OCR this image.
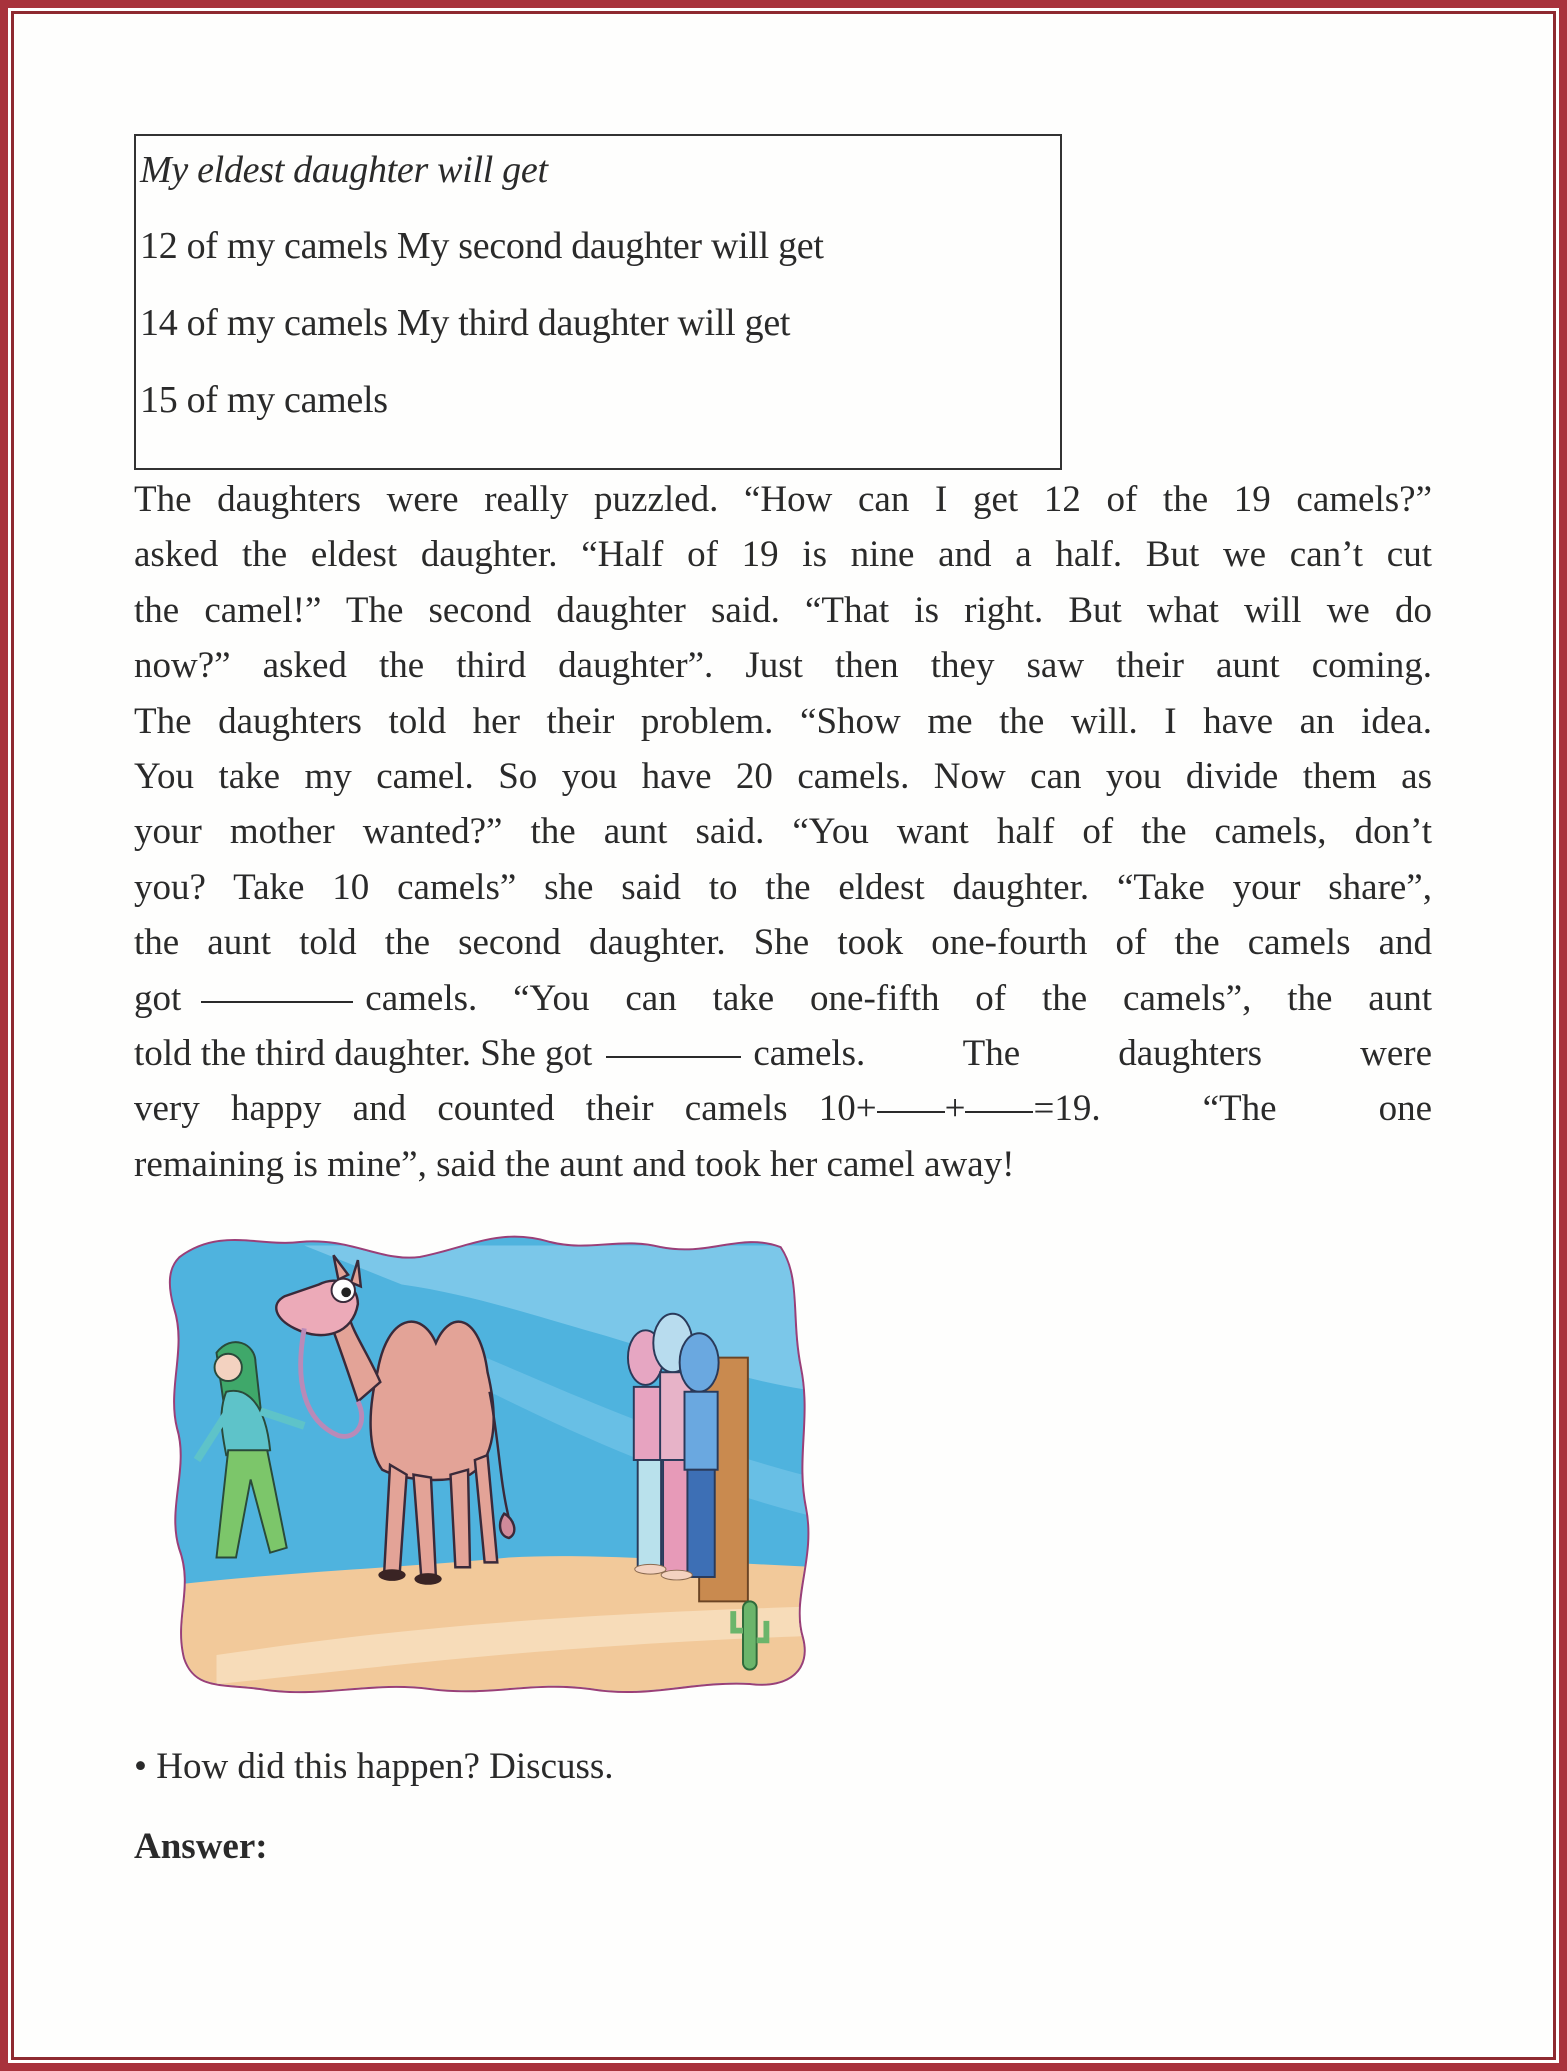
My eldest daughter will get
12 of my camels My second daughter will get
14 of my camels My third daughter will get
15 of my camels
The daughters were really puzzled. “How can I get 12 of the 19 camels?”
asked the eldest daughter. “Half of 19 is nine and a half. But we can’t cut
the camel!” The second daughter said. “That is right. But what will we do
now?” asked the third daughter”. Just then they saw their aunt coming.
The daughters told her their problem. “Show me the will. I have an idea.
You take my camel. So you have 20 camels. Now can you divide them as
your mother wanted?” the aunt said. “You want half of the camels, don’t
you? Take 10 camels” she said to the eldest daughter. “Take your share”,
the aunt told the second daughter. She took one-fourth of the camels and
got	camels. “You can take one-fifth of the camels”, the aunt
told the third daughter. She got	camels. The daughters were
very happy and counted their camels 10+ + =19. “The one
remaining is mine”, said the aunt and took her camel away!
• How did this happen? Discuss.
Answer:
